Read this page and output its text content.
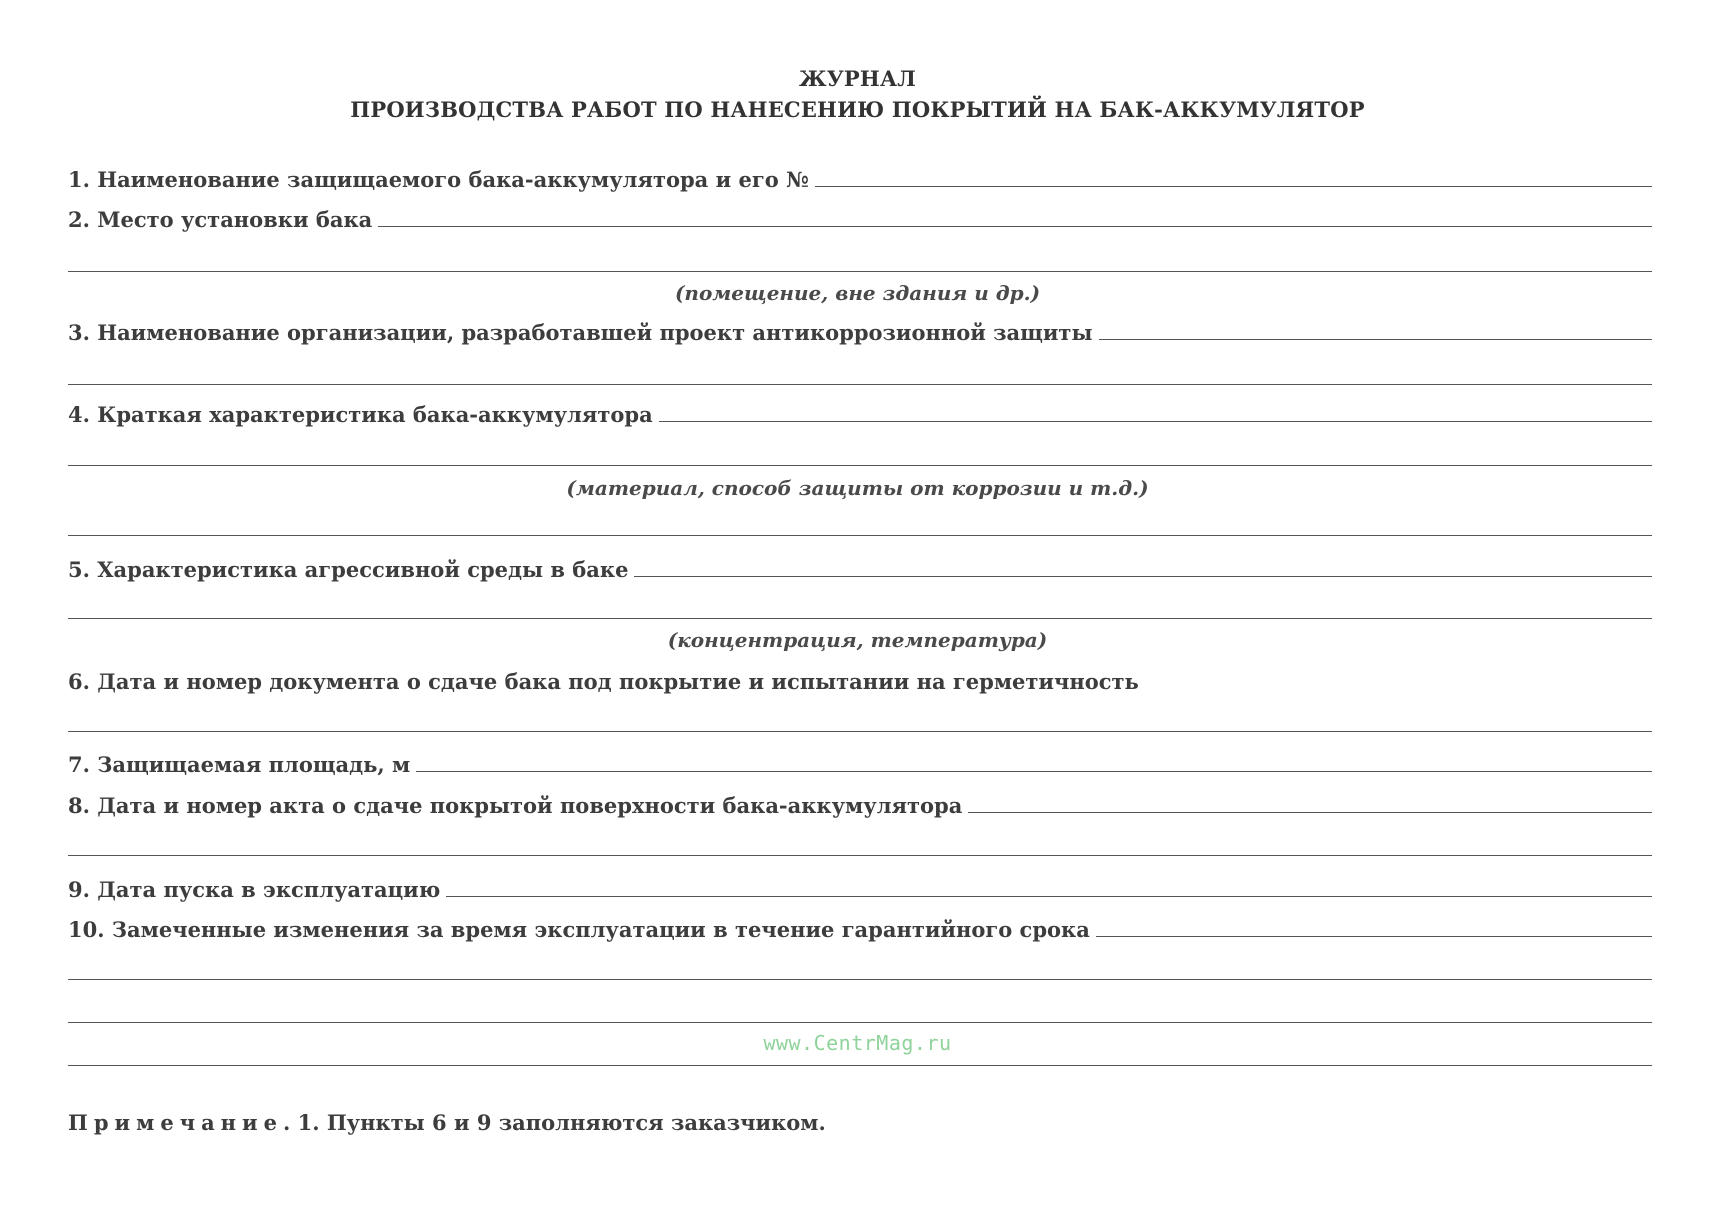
ЖУРНАЛ
ПРОИЗВОДСТВА РАБОТ ПО НАНЕСЕНИЮ ПОКРЫТИЙ НА БАК-АККУМУЛЯТОР
1. Наименование защищаемого бака-аккумулятора и его №
2. Место установки бака
(помещение, вне здания и др.)
3. Наименование организации, разработавшей проект антикоррозионной защиты
4. Краткая характеристика бака-аккумулятора
(материал, способ защиты от коррозии и т.д.)
5. Характеристика агрессивной среды в баке
(концентрация, температура)
6. Дата и номер документа о сдаче бака под покрытие и испытании на герметичность
7. Защищаемая площадь, м
8. Дата и номер акта о сдаче покрытой поверхности бака-аккумулятора
9. Дата пуска в эксплуатацию
10. Замеченные изменения за время эксплуатации в течение гарантийного срока
www.CentrMag.ru
Примечание. 1. Пункты 6 и 9 заполняются заказчиком.
